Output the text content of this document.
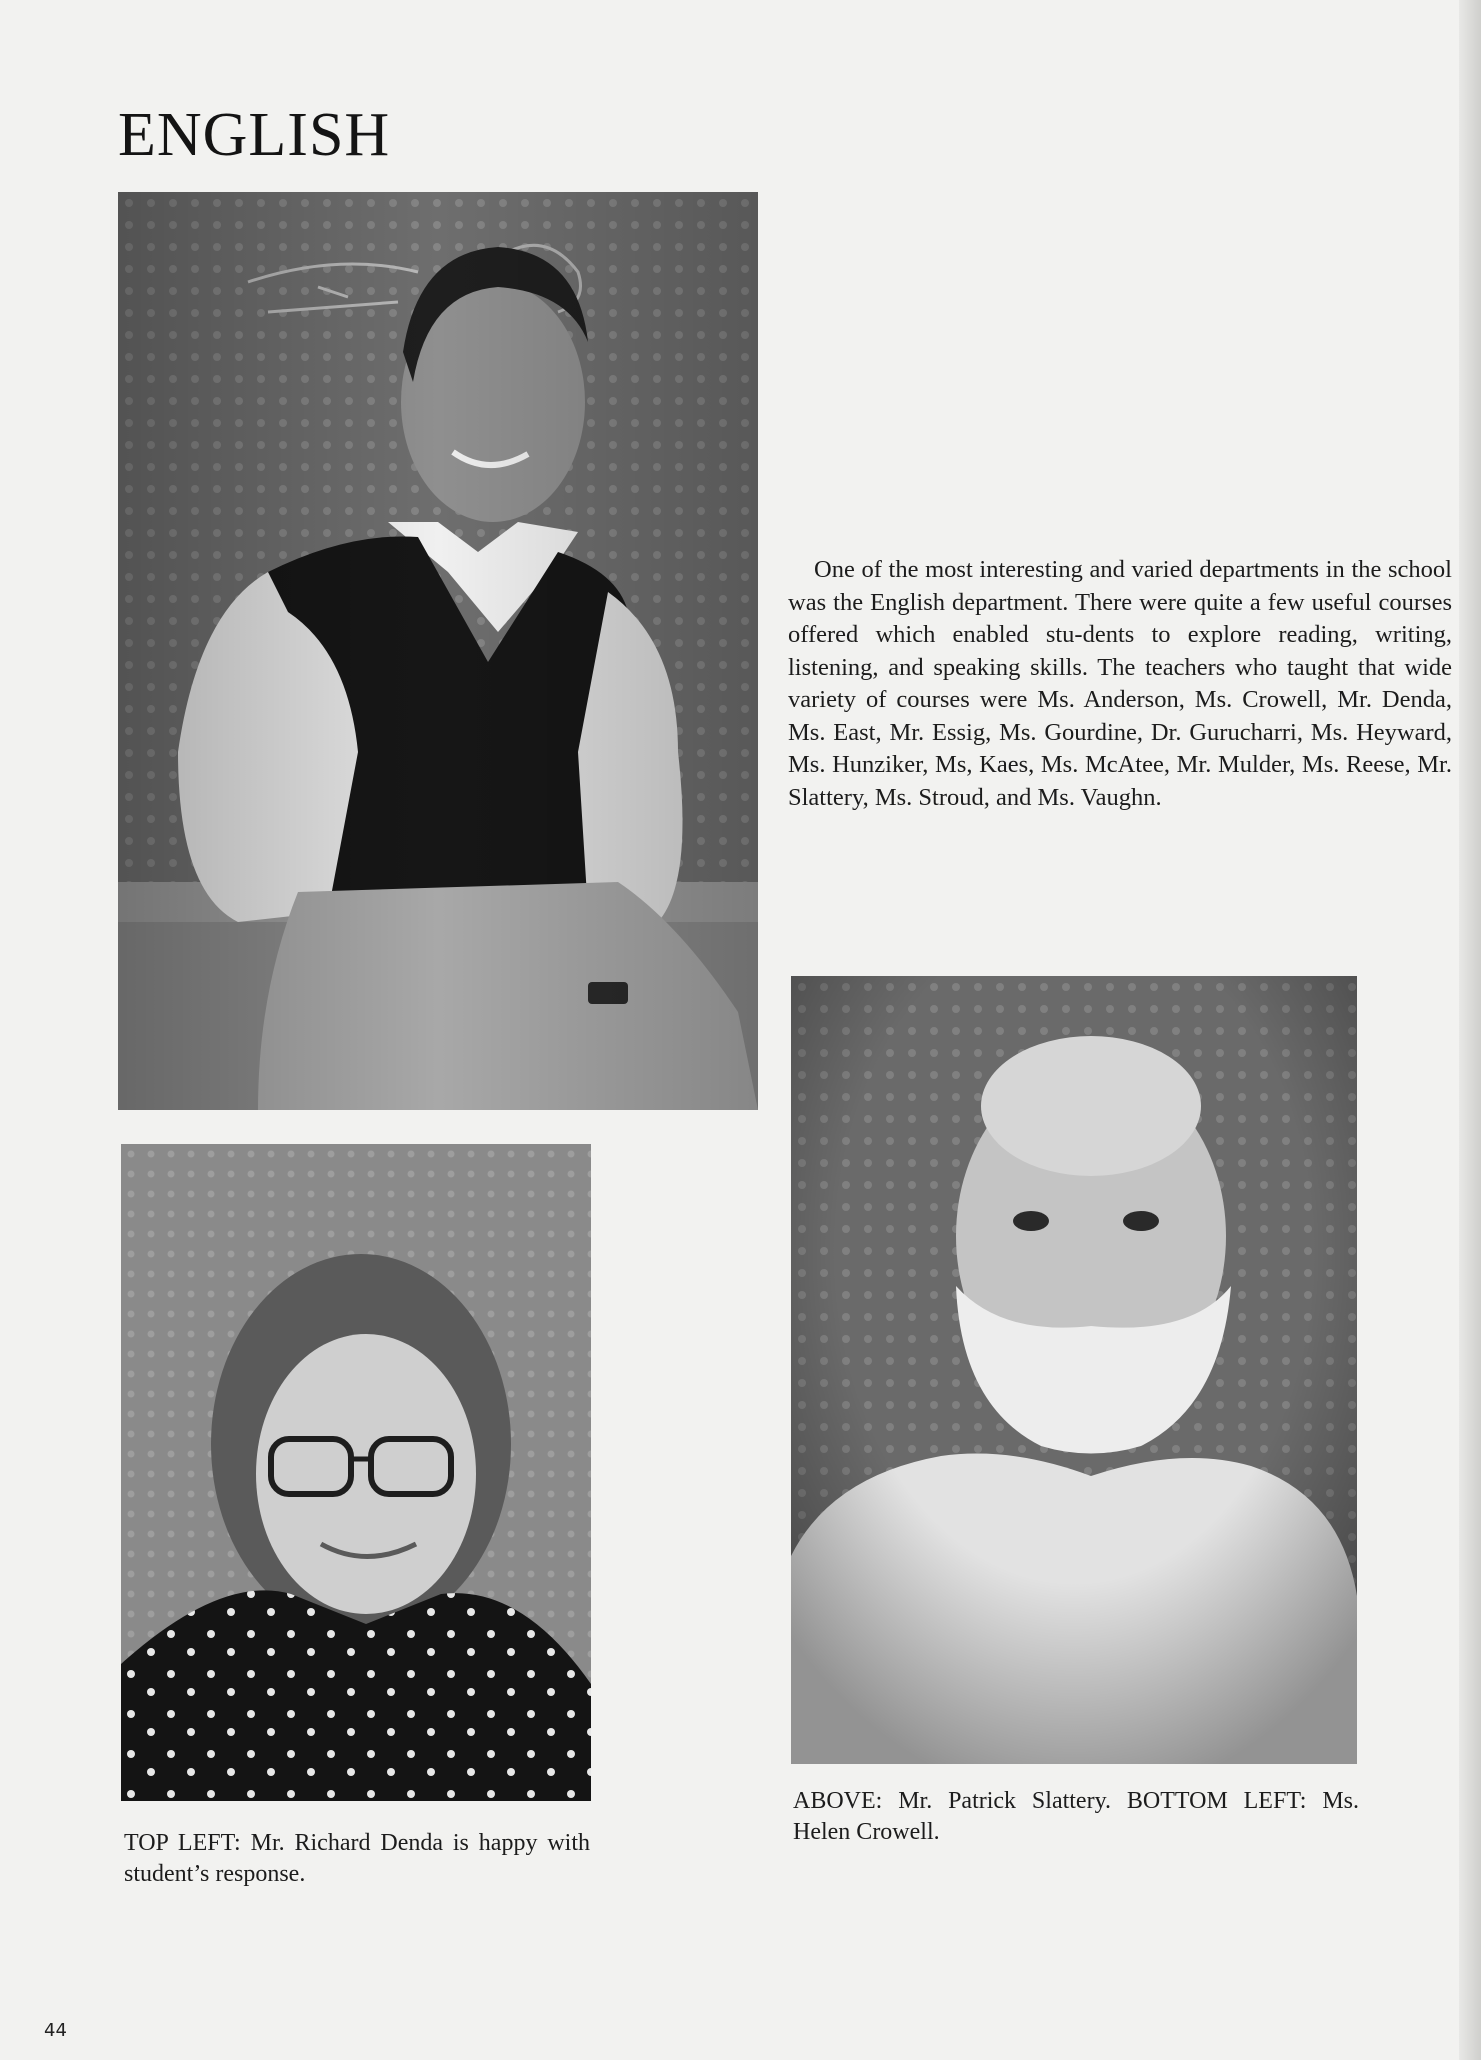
ENGLISH

One of the most interesting and varied departments in the school was the English department. There were quite a few useful courses offered which enabled stu-dents to explore reading, writing, listening, and speaking skills. The teachers who taught that wide variety of courses were Ms. Anderson, Ms. Crowell, Mr. Denda, Ms. East, Mr. Essig, Ms. Gourdine, Dr. Gurucharri, Ms. Heyward, Ms. Hunziker, Ms, Kaes, Ms. McAtee, Mr. Mulder, Ms. Reese, Mr. Slattery, Ms. Stroud, and Ms. Vaughn.

ABOVE: Mr. Patrick Slattery. BOTTOM LEFT: Ms. Helen Crowell.

TOP LEFT: Mr. Richard Denda is happy with student’s response.

44
